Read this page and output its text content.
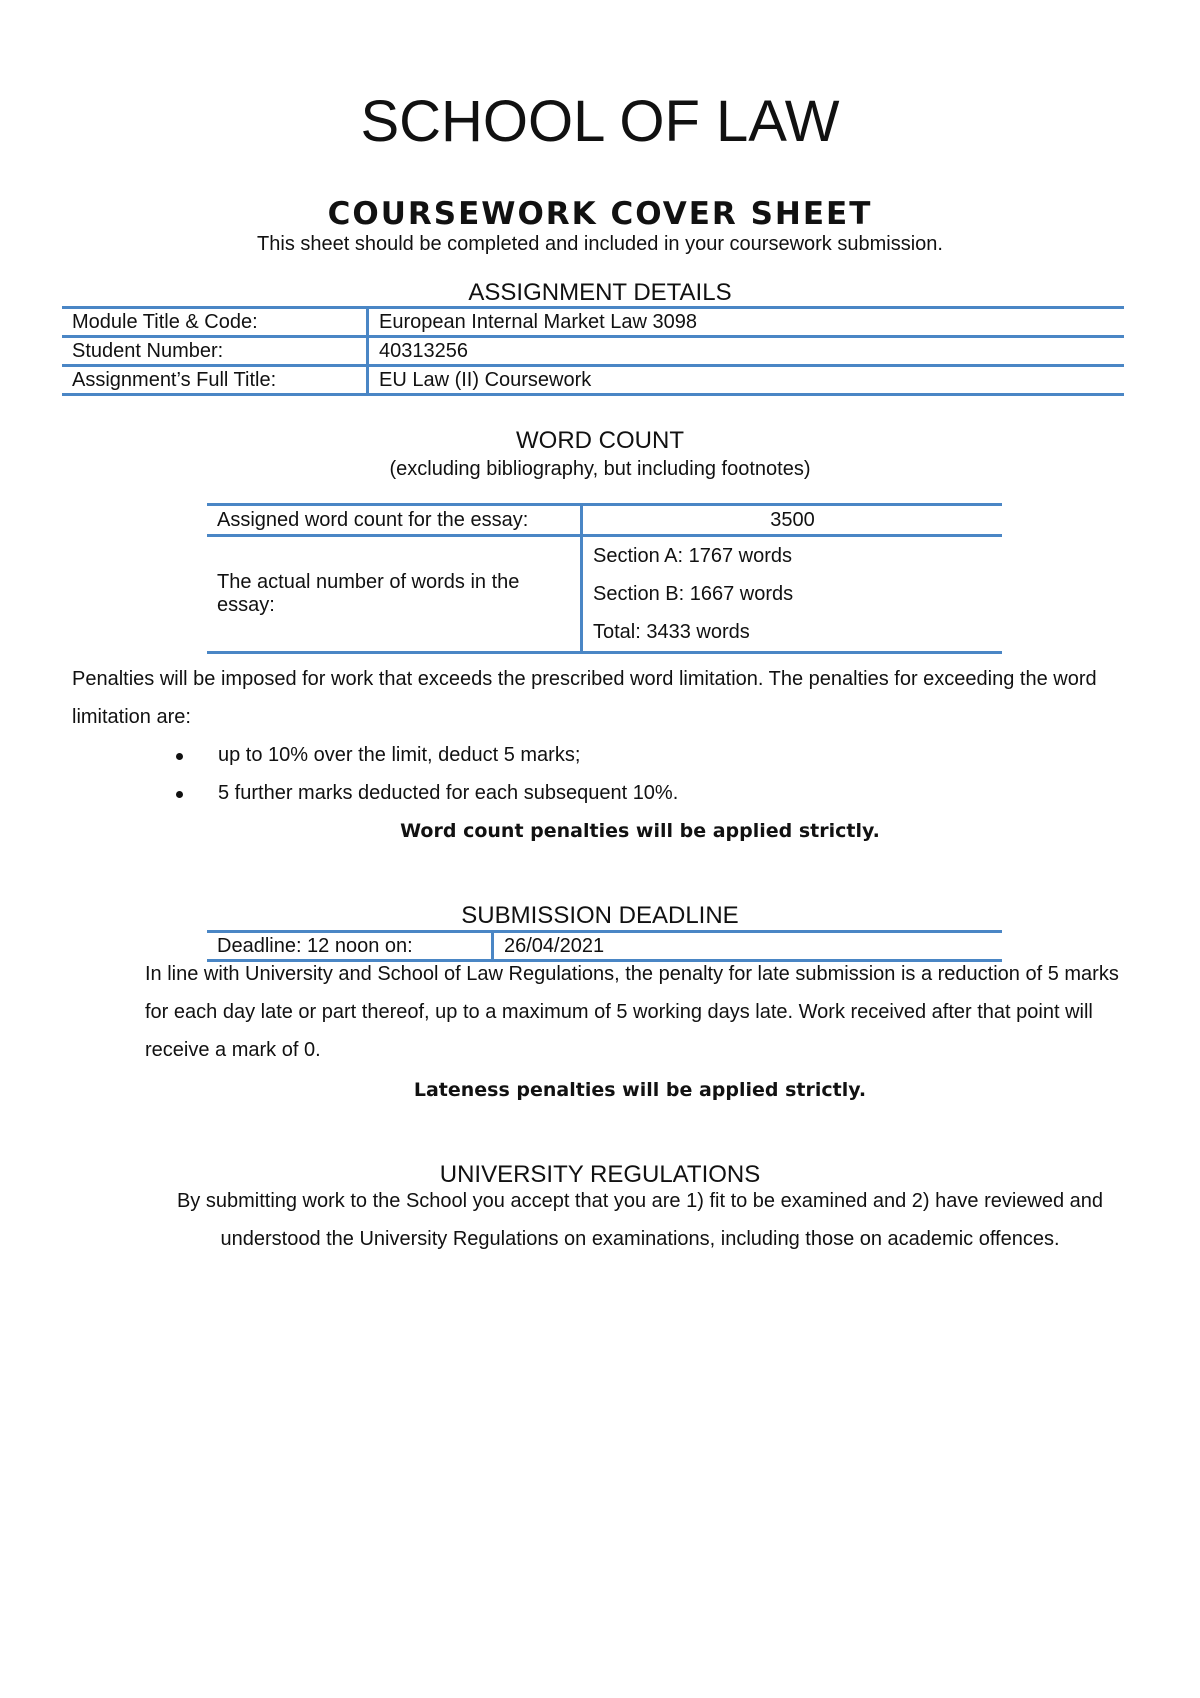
SCHOOL OF LAW
COURSEWORK COVER SHEET
This sheet should be completed and included in your coursework submission.
ASSIGNMENT DETAILS
Module Title & Code:	European Internal Market Law 3098
Student Number:	40313256
Assignment’s Full Title:	EU Law (II) Coursework
WORD COUNT
(excluding bibliography, but including footnotes)
Assigned word count for the essay:	3500
The actual number of words in the essay:	Section A: 1767 words
Section B: 1667 words
Total: 3433 words
Penalties will be imposed for work that exceeds the prescribed word limitation. The penalties for exceeding the word limitation are:
up to 10% over the limit, deduct 5 marks;
5 further marks deducted for each subsequent 10%.
Word count penalties will be applied strictly.
SUBMISSION DEADLINE
Deadline: 12 noon on:	26/04/2021
In line with University and School of Law Regulations, the penalty for late submission is a reduction of 5 marks for each day late or part thereof, up to a maximum of 5 working days late. Work received after that point will receive a mark of 0.
Lateness penalties will be applied strictly.
UNIVERSITY REGULATIONS
By submitting work to the School you accept that you are 1) fit to be examined and 2) have reviewed and understood the University Regulations on examinations, including those on academic offences.
